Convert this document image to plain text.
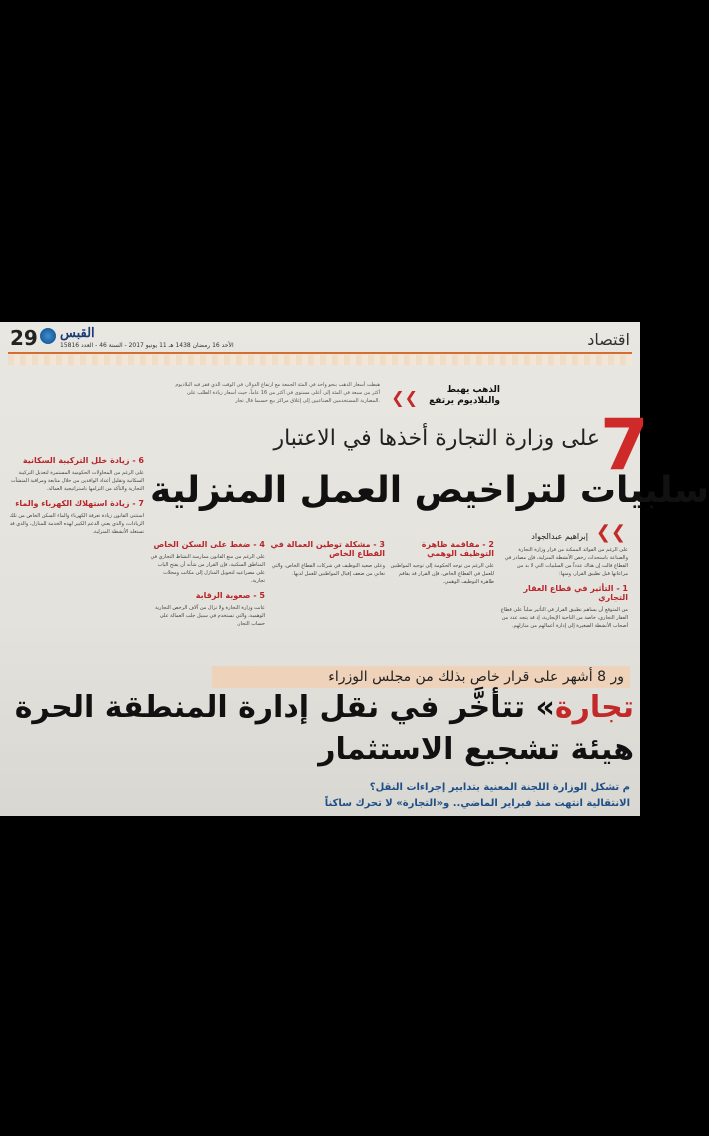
29 القبس
الأحد 16 رمضان 1438 هـ 11 يونيو 2017 - السنة 46 - العدد 15816	اقتصاد
الذهب يهبط والبلاديوم يرتفع
❮❮
هبطت أسعار الذهب بنحو واحد في المئة الجمعة مع ارتفاع الدولار، في الوقت الذي قفز فيه البلاديوم أكثر من سبعة في المئة إلى أعلى مستوى في أكثر من 16 عاماً، حيث أسعار زيادة الطلب على المضاربة المستخدمين الصناعيين إلى إغلاق مراكز بيع حسبما قال تجار.
7
على وزارة التجارة أخذها في الاعتبار
سلبيات لتراخيص العمل المنزلية
❮❮
إبراهيم عبدالجواد

على الرغم من الفوائد الممكنة من قرار وزارة التجارة والصناعة باستحداث رخص الأنشطة المنزلية، فإن مصادر في القطاع قالت إن هناك عدداً من السلبيات التي لا بد من مراعاتها قبل تطبيق القرار، ومنها:

1 - التأثير في قطاع العقار التجاري

من المتوقع أن يساهم تطبيق القرار في التأثير سلباً على قطاع العقار التجاري، خاصة من الناحية الإيجارية، إذ قد يتجه عدد من أصحاب الأنشطة الصغيرة إلى إدارة أعمالهم من منازلهم.

2 - مفاقمة ظاهرة التوظيف الوهمي

على الرغم من توجه الحكومة إلى توجيه المواطنين للعمل في القطاع الخاص، فإن القرار قد يفاقم ظاهرة التوظيف الوهمي.

3 - مشكلة توطين العمالة في القطاع الخاص

وعلى صعيد التوظيف في شركات القطاع الخاص، والتي تعاني من ضعف إقبال المواطنين للعمل لديها.

4 - ضغط على السكن الخاص

على الرغم من منع القانون ممارسة النشاط التجاري في المناطق السكنية، فإن القرار من شأنه أن يفتح الباب على مصراعيه لتحويل المنازل إلى مكاتب ومحلات تجارية.

5 - صعوبة الرقابة

عانت وزارة التجارة ولا تزال من آلاف الرخص التجارية الوهمية، والتي تستخدم في سبيل جلب العمالة على حساب التجار.

6 - زيادة خلل التركيبة السكانية

على الرغم من المحاولات الحكومية المستمرة لتعديل التركيبة السكانية وتقليل أعداد الوافدين من خلال متابعة ومراقبة المنشآت التجارية والتأكد من التزامها باستراتيجية العمالة.

7 - زيادة استهلاك الكهرباء والماء

استثنى القانون زيادة تعرفة الكهرباء والماء السكن الخاص من تلك الزيادات، والذي يعني الدعم الكبير لهذه الخدمة للمنازل، والذي قد تستغله الأنشطة المنزلية.

ور 8 أشهر على قرار خاص بذلك من مجلس الوزراء
تجارة» تتأخَّر في نقل إدارة المنطقة الحرة
هيئة تشجيع الاستثمار
م تشكل الوزارة اللجنة المعنية بتدابير إجراءات النقل؟
الانتقالية انتهت منذ فبراير الماضي.. و«التجارة» لا تحرك ساكناً
